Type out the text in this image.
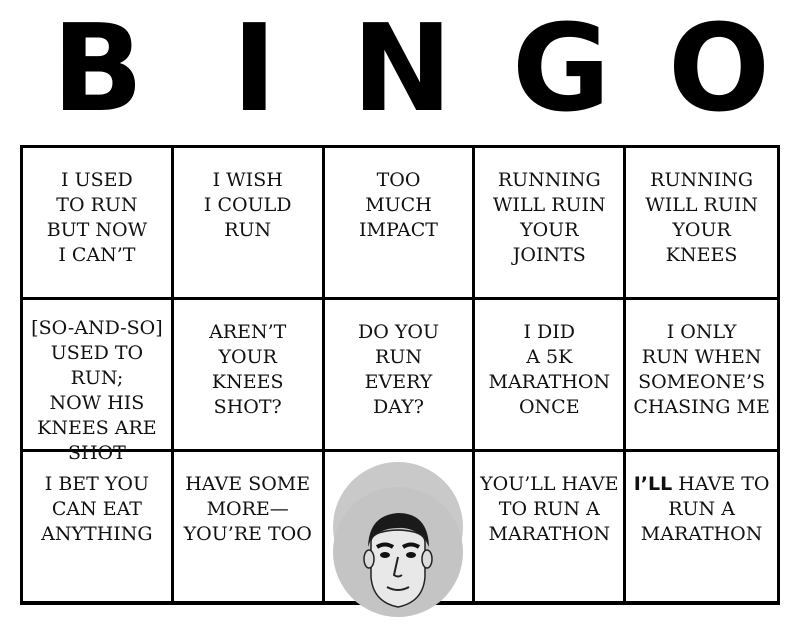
B I N G O
I USED
TO RUN
BUT NOW
I CAN’T
I WISH
I COULD
RUN
TOO
MUCH
IMPACT
RUNNING
WILL RUIN
YOUR
JOINTS
RUNNING
WILL RUIN
YOUR
KNEES
[SO-AND-SO]
USED TO RUN;
NOW HIS
KNEES ARE
SHOT
AREN’T
YOUR
KNEES
SHOT?
DO YOU
RUN
EVERY
DAY?
I DID
A 5K
MARATHON
ONCE
I ONLY
RUN WHEN
SOMEONE’S
CHASING ME
I BET YOU
CAN EAT
ANYTHING
HAVE SOME
MORE—
YOU’RE TOO

YOU’LL HAVE
TO RUN A
MARATHON
I’LL HAVE TO
RUN A
MARATHON
